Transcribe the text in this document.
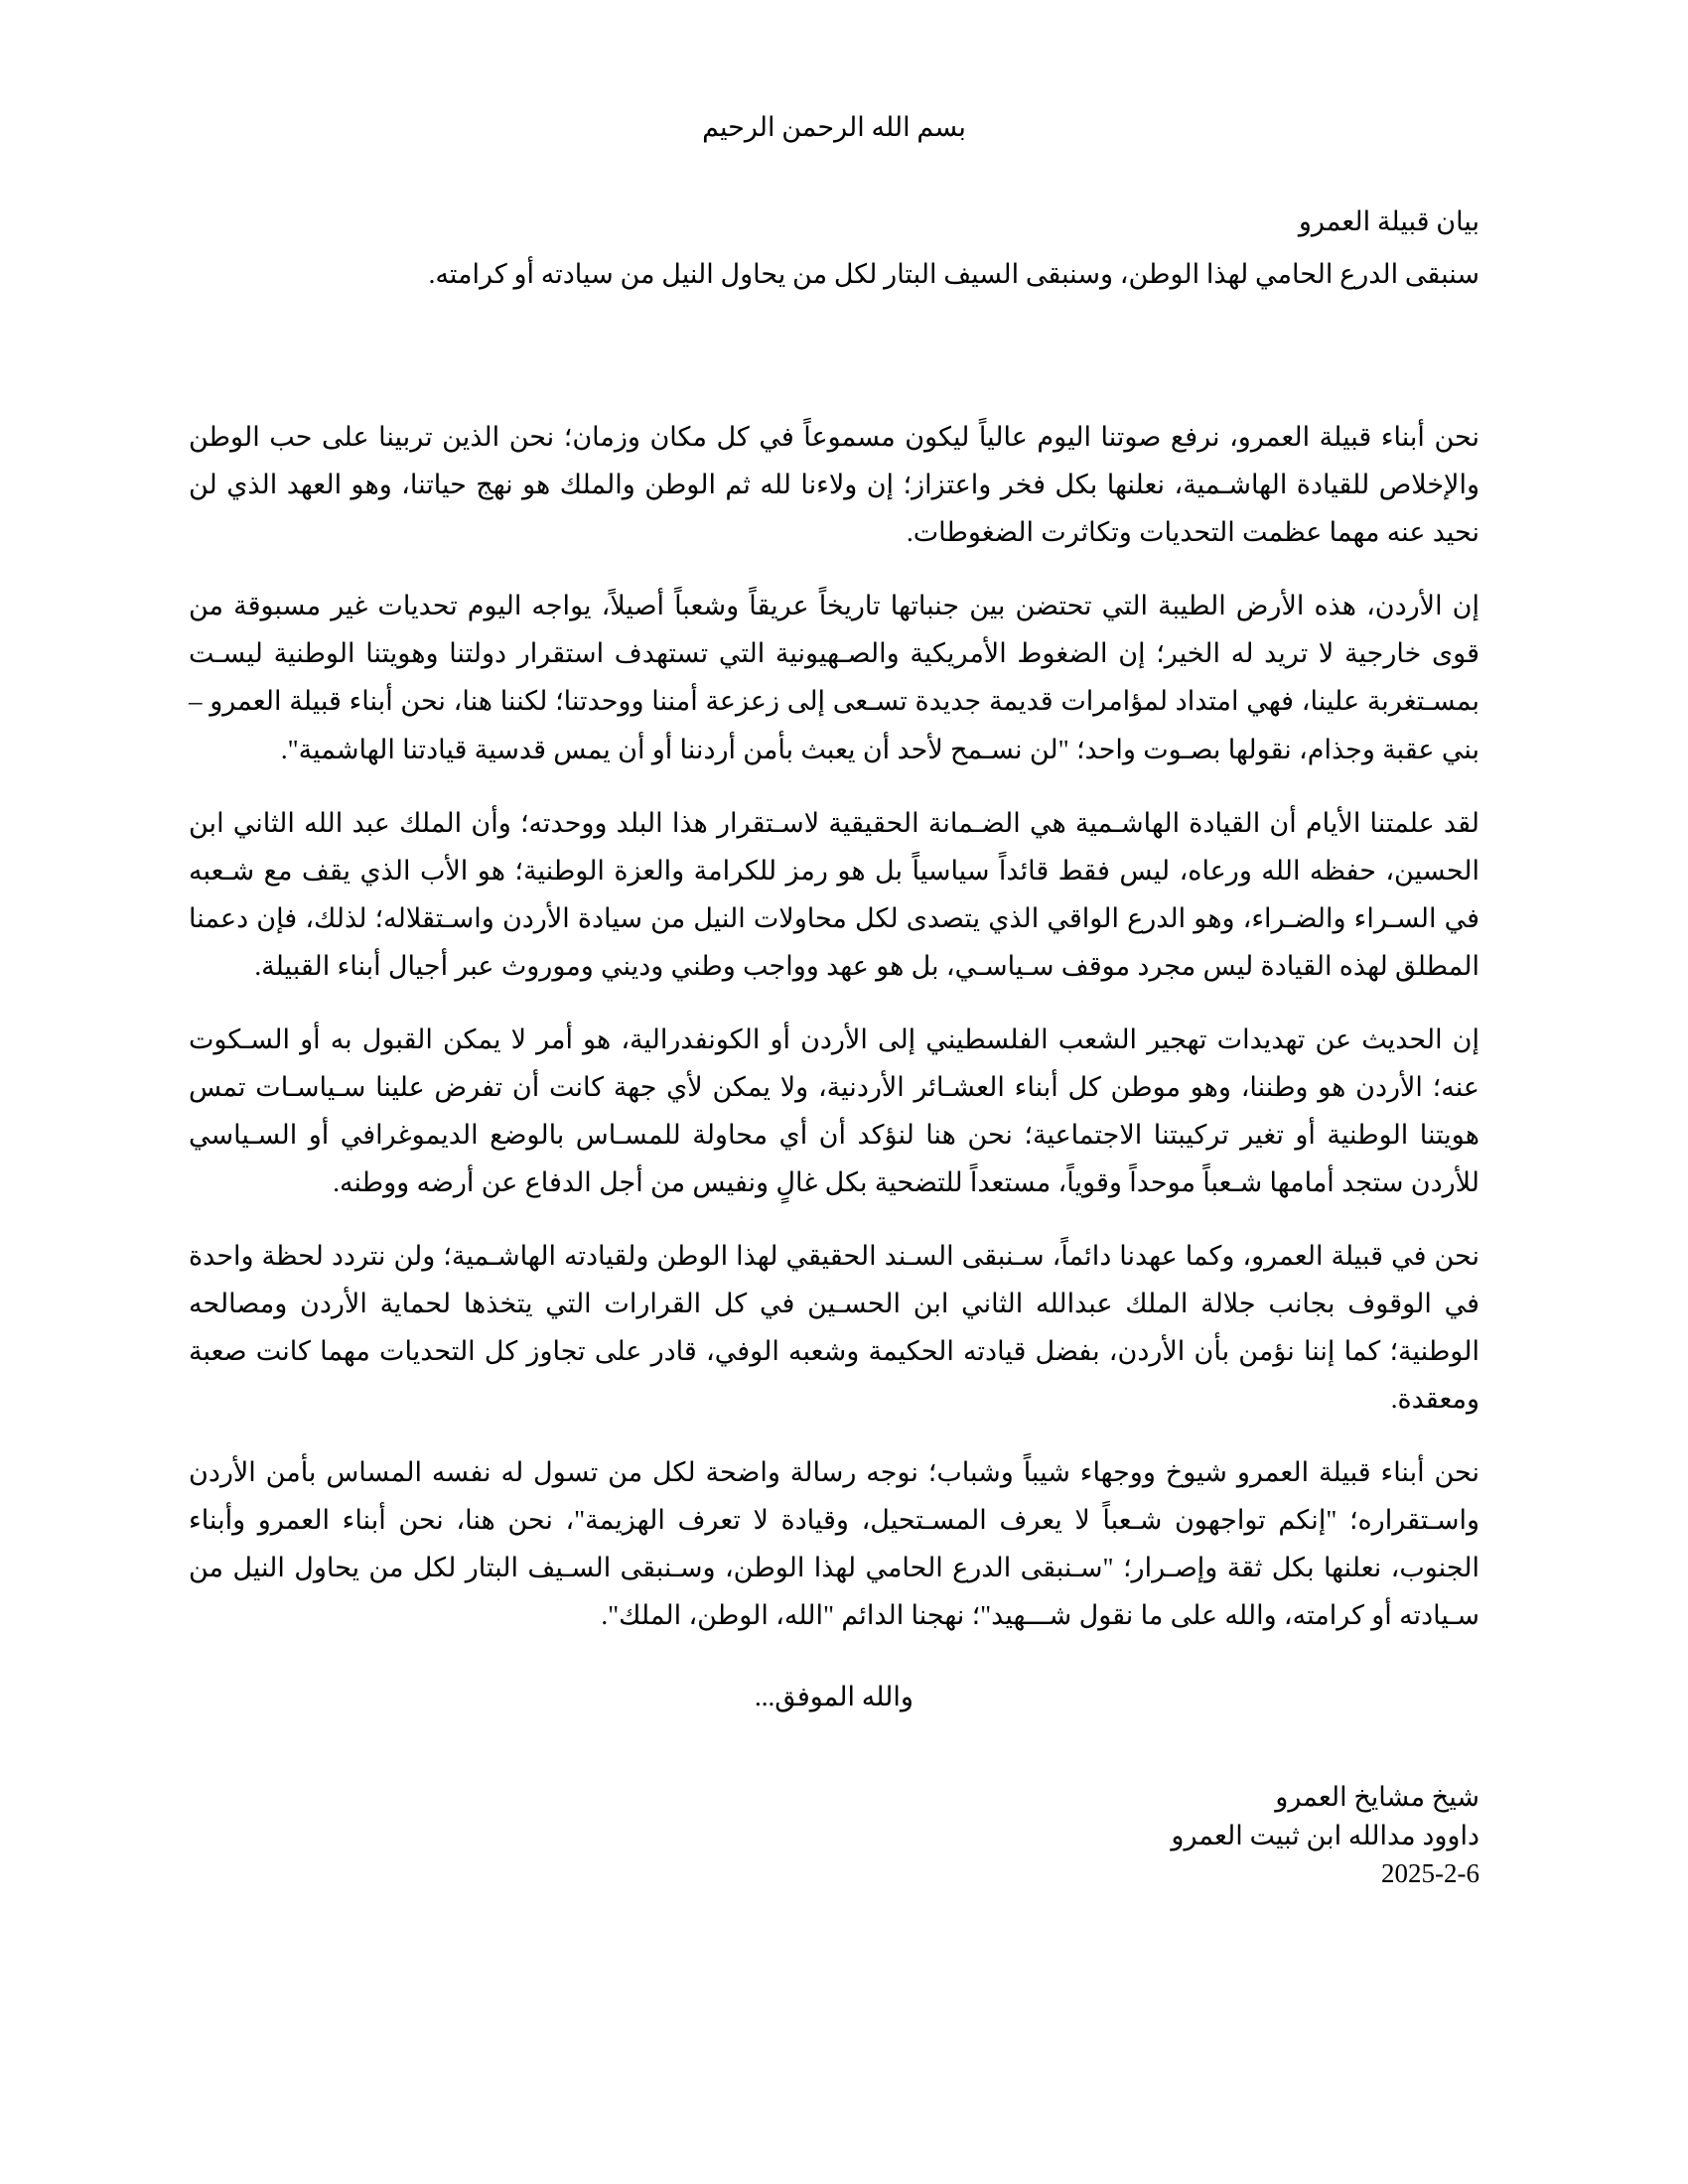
بسم الله الرحمن الرحيم
بيان قبيلة العمرو
سنبقى الدرع الحامي لهذا الوطن، وسنبقى السيف البتار لكل من يحاول النيل من سيادته أو كرامته.

نحن أبناء قبيلة العمرو، نرفع صوتنا اليوم عالياً ليكون مسموعاً في كل مكان وزمان؛ نحن الذين تربينا على حب الوطن والإخلاص للقيادة الهاشـمية، نعلنها بكل فخر واعتزاز؛ إن ولاءنا لله ثم الوطن والملك هو نهج حياتنا، وهو العهد الذي لن نحيد عنه مهما عظمت التحديات وتكاثرت الضغوطات.

إن الأردن، هذه الأرض الطيبة التي تحتضن بين جنباتها تاريخاً عريقاً وشعباً أصيلاً، يواجه اليوم تحديات غير مسبوقة من قوى خارجية لا تريد له الخير؛ إن الضغوط الأمريكية والصـهيونية التي تستهدف استقرار دولتنا وهويتنا الوطنية ليسـت بمسـتغربة علينا، فهي امتداد لمؤامرات قديمة جديدة تسـعى إلى زعزعة أمننا ووحدتنا؛ لكننا هنا، نحن أبناء قبيلة العمرو – بني عقبة وجذام، نقولها بصـوت واحد؛ "لن نسـمح لأحد أن يعبث بأمن أردننا أو أن يمس قدسية قيادتنا الهاشمية".

لقد علمتنا الأيام أن القيادة الهاشـمية هي الضـمانة الحقيقية لاسـتقرار هذا البلد ووحدته؛ وأن الملك عبد الله الثاني ابن الحسين، حفظه الله ورعاه، ليس فقط قائداً سياسياً بل هو رمز للكرامة والعزة الوطنية؛ هو الأب الذي يقف مع شـعبه في السـراء والضـراء، وهو الدرع الواقي الذي يتصدى لكل محاولات النيل من سيادة الأردن واسـتقلاله؛ لذلك، فإن دعمنا المطلق لهذه القيادة ليس مجرد موقف سـياسـي، بل هو عهد وواجب وطني وديني وموروث عبر أجيال أبناء القبيلة.

إن الحديث عن تهديدات تهجير الشعب الفلسطيني إلى الأردن أو الكونفدرالية، هو أمر لا يمكن القبول به أو السـكوت عنه؛ الأردن هو وطننا، وهو موطن كل أبناء العشـائر الأردنية، ولا يمكن لأي جهة كانت أن تفرض علينا سـياسـات تمس هويتنا الوطنية أو تغير تركيبتنا الاجتماعية؛ نحن هنا لنؤكد أن أي محاولة للمسـاس بالوضع الديموغرافي أو السـياسي للأردن ستجد أمامها شـعباً موحداً وقوياً، مستعداً للتضحية بكل غالٍ ونفيس من أجل الدفاع عن أرضه ووطنه.

نحن في قبيلة العمرو، وكما عهدنا دائماً، سـنبقى السـند الحقيقي لهذا الوطن ولقيادته الهاشـمية؛ ولن نتردد لحظة واحدة في الوقوف بجانب جلالة الملك عبدالله الثاني ابن الحسـين في كل القرارات التي يتخذها لحماية الأردن ومصالحه الوطنية؛ كما إننا نؤمن بأن الأردن، بفضل قيادته الحكيمة وشعبه الوفي، قادر على تجاوز كل التحديات مهما كانت صعبة ومعقدة.

نحن أبناء قبيلة العمرو شيوخ ووجهاء شيباً وشباب؛ نوجه رسالة واضحة لكل من تسول له نفسه المساس بأمن الأردن واسـتقراره؛ "إنكم تواجهون شـعباً لا يعرف المسـتحيل، وقيادة لا تعرف الهزيمة"، نحن هنا، نحن أبناء العمرو وأبناء الجنوب، نعلنها بكل ثقة وإصـرار؛ "سـنبقى الدرع الحامي لهذا الوطن، وسـنبقى السـيف البتار لكل من يحاول النيل من سـيادته أو كرامته، والله على ما نقول شـــهيد"؛ نهجنا الدائم "الله، الوطن، الملك".

والله الموفق...
شيخ مشايخ العمرو
داوود مدالله ابن ثبيت العمرو
2025-2-6
